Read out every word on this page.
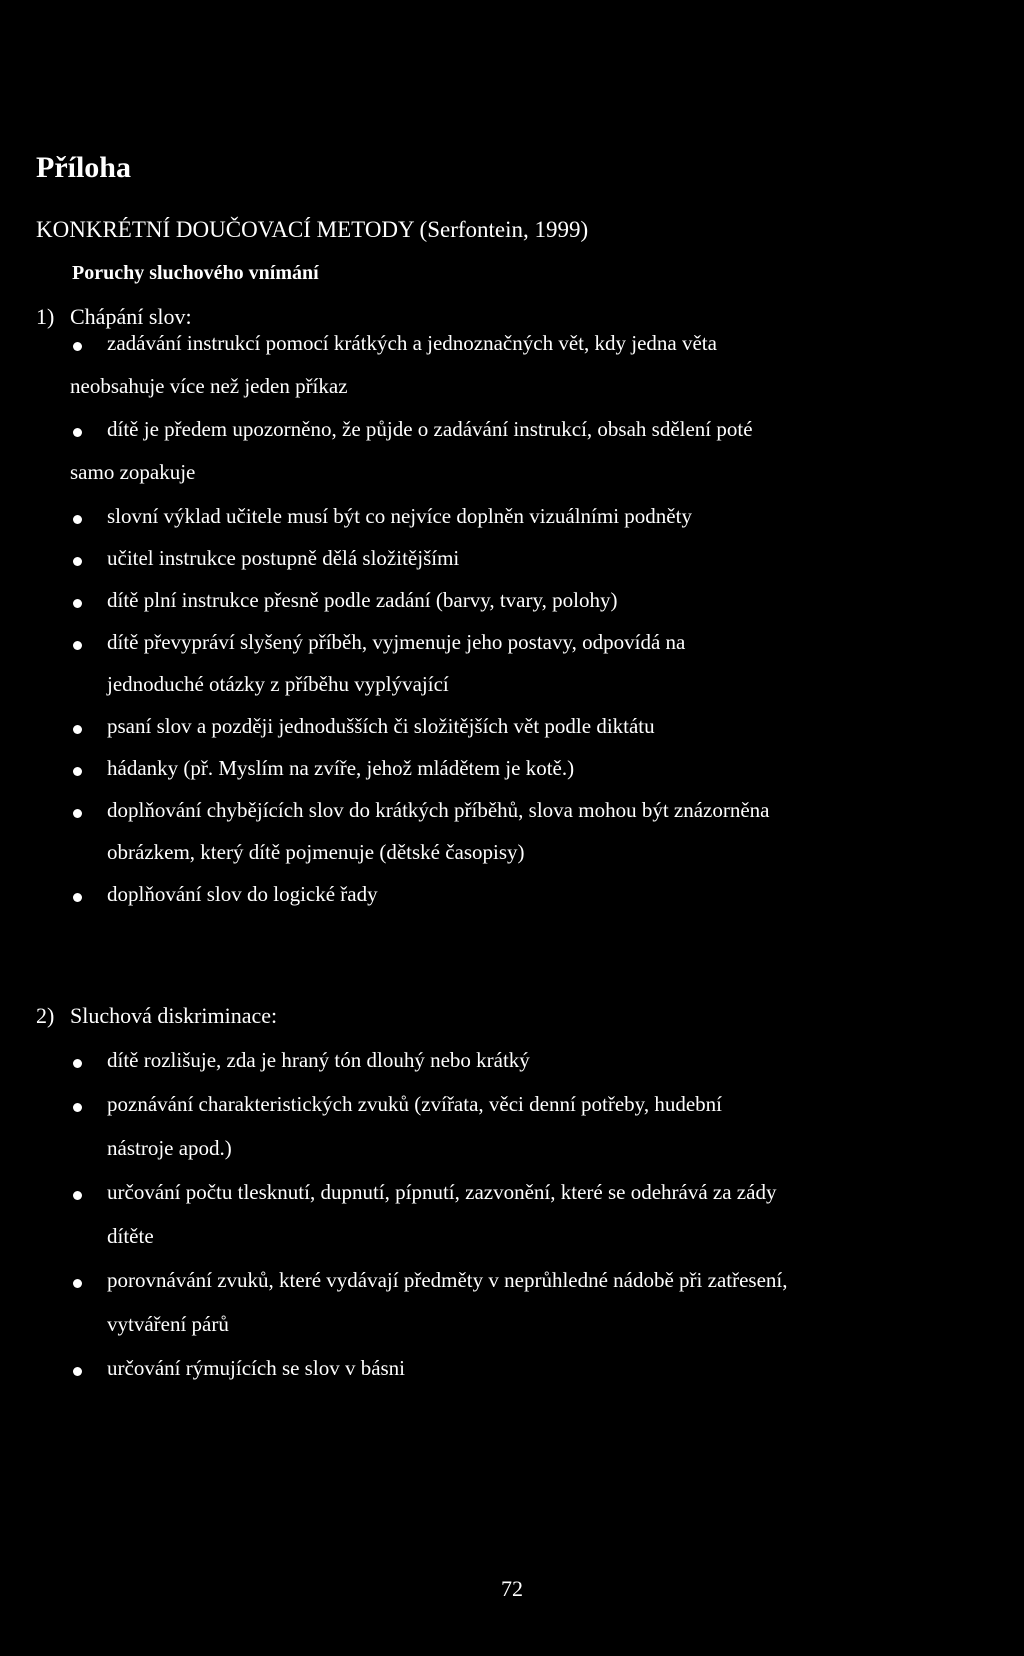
Příloha
KONKRÉTNÍ DOUČOVACÍ METODY (Serfontein, 1999)
Poruchy sluchového vnímání
1) Chápání slov:
zadávání instrukcí pomocí krátkých a jednoznačných vět, kdy jedna věta
neobsahuje více než jeden příkaz
dítě je předem upozorněno, že půjde o zadávání instrukcí, obsah sdělení poté
samo zopakuje
slovní výklad učitele musí být co nejvíce doplněn vizuálními podněty
učitel instrukce postupně dělá složitějšími
dítě plní instrukce přesně podle zadání (barvy, tvary, polohy)
dítě převypráví slyšený příběh, vyjmenuje jeho postavy, odpovídá na
jednoduché otázky z příběhu vyplývající
psaní slov a později jednodušších či složitějších vět podle diktátu
hádanky (př. Myslím na zvíře, jehož mládětem je kotě.)
doplňování chybějících slov do krátkých příběhů, slova mohou být znázorněna
obrázkem, který dítě pojmenuje (dětské časopisy)
doplňování slov do logické řady
2) Sluchová diskriminace:
dítě rozlišuje, zda je hraný tón dlouhý nebo krátký
poznávání charakteristických zvuků (zvířata, věci denní potřeby, hudební
nástroje apod.)
určování počtu tlesknutí, dupnutí, pípnutí, zazvonění, které se odehrává za zády
dítěte
porovnávání zvuků, které vydávají předměty v neprůhledné nádobě při zatřesení,
vytváření párů
určování rýmujících se slov v básni
72
